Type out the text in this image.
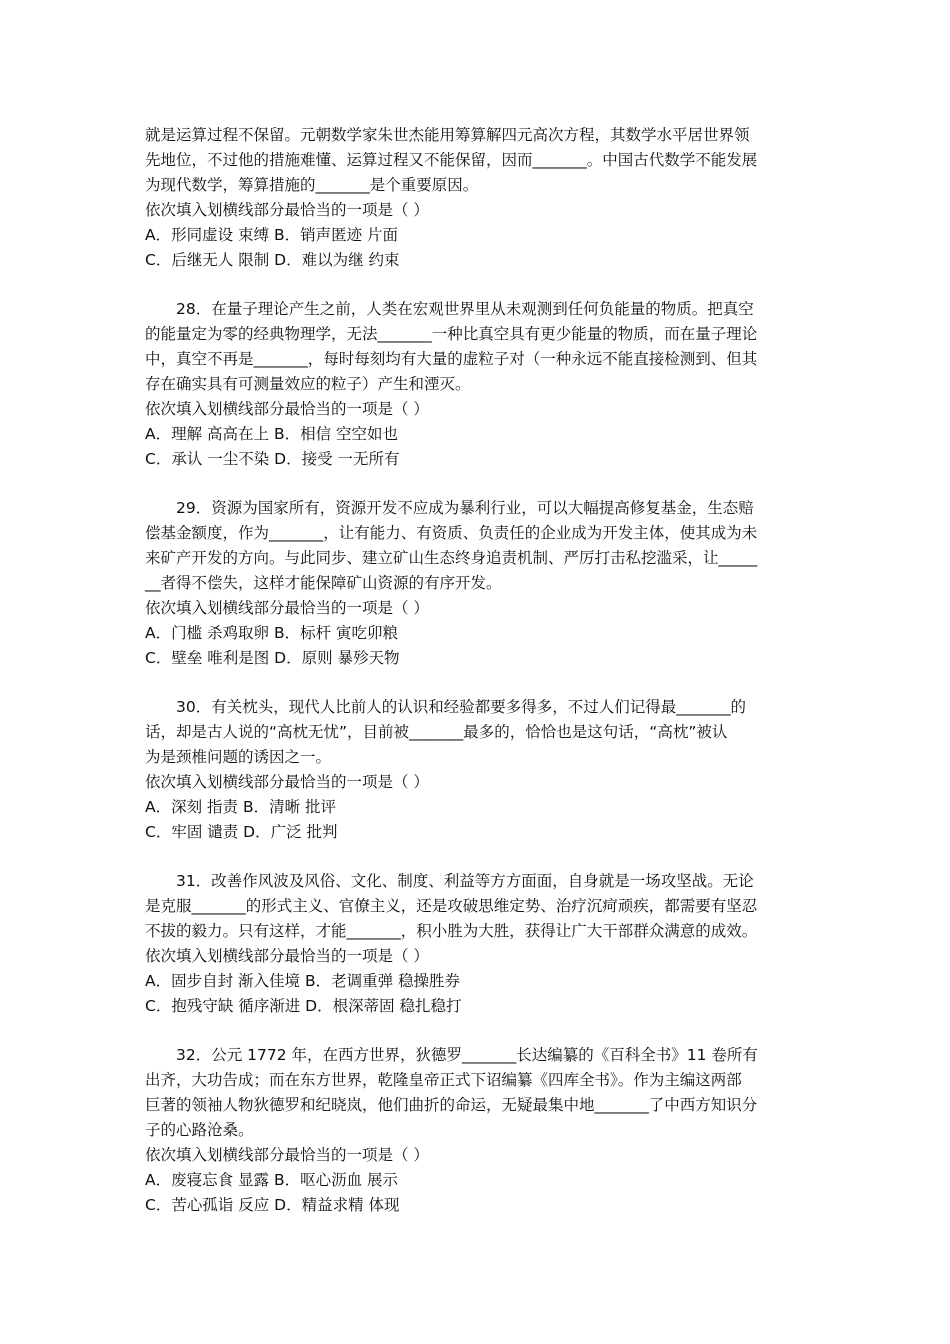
就是运算过程不保留。元朝数学家朱世杰能用筹算解四元高次方程，其数学水平居世界领

先地位，不过他的措施难懂、运算过程又不能保留，因而_______。中国古代数学不能发展

为现代数学，筹算措施的_______是个重要原因。

依次填入划横线部分最恰当的一项是（ ）

A．形同虚设 束缚 B．销声匿迹 片面

C．后继无人 限制 D．难以为继 约束

28．在量子理论产生之前，人类在宏观世界里从未观测到任何负能量的物质。把真空

的能量定为零的经典物理学，无法_______一种比真空具有更少能量的物质，而在量子理论

中，真空不再是_______，每时每刻均有大量的虚粒子对（一种永远不能直接检测到、但其

存在确实具有可测量效应的粒子）产生和湮灭。

依次填入划横线部分最恰当的一项是（ ）

A．理解 高高在上 B．相信 空空如也

C．承认 一尘不染 D．接受 一无所有

29．资源为国家所有，资源开发不应成为暴利行业，可以大幅提高修复基金，生态赔

偿基金额度，作为_______，让有能力、有资质、负责任的企业成为开发主体，使其成为未

来矿产开发的方向。与此同步、建立矿山生态终身追责机制、严厉打击私挖滥采，让_____

__者得不偿失，这样才能保障矿山资源的有序开发。

依次填入划横线部分最恰当的一项是（ ）

A．门槛 杀鸡取卵 B．标杆 寅吃卯粮

C．壁垒 唯利是图 D．原则 暴殄天物

30．有关枕头，现代人比前人的认识和经验都要多得多，不过人们记得最_______的

话，却是古人说的“高枕无忧”，目前被_______最多的，恰恰也是这句话，“高枕”被认

为是颈椎问题的诱因之一。

依次填入划横线部分最恰当的一项是（ ）

A．深刻 指责 B．清晰 批评

C．牢固 谴责 D．广泛 批判

31．改善作风波及风俗、文化、制度、利益等方方面面，自身就是一场攻坚战。无论

是克服_______的形式主义、官僚主义，还是攻破思维定势、治疗沉疴顽疾，都需要有坚忍

不拔的毅力。只有这样，才能_______，积小胜为大胜，获得让广大干部群众满意的成效。

依次填入划横线部分最恰当的一项是（ ）

A．固步自封 渐入佳境 B．老调重弹 稳操胜券

C．抱残守缺 循序渐进 D．根深蒂固 稳扎稳打

32．公元 1772 年，在西方世界，狄德罗_______长达编纂的《百科全书》11 卷所有

出齐，大功告成；而在东方世界，乾隆皇帝正式下诏编纂《四库全书》。作为主编这两部

巨著的领袖人物狄德罗和纪晓岚，他们曲折的命运，无疑最集中地_______了中西方知识分

子的心路沧桑。

依次填入划横线部分最恰当的一项是（ ）

A．废寝忘食 显露 B．呕心沥血 展示

C．苦心孤诣 反应 D．精益求精 体现
